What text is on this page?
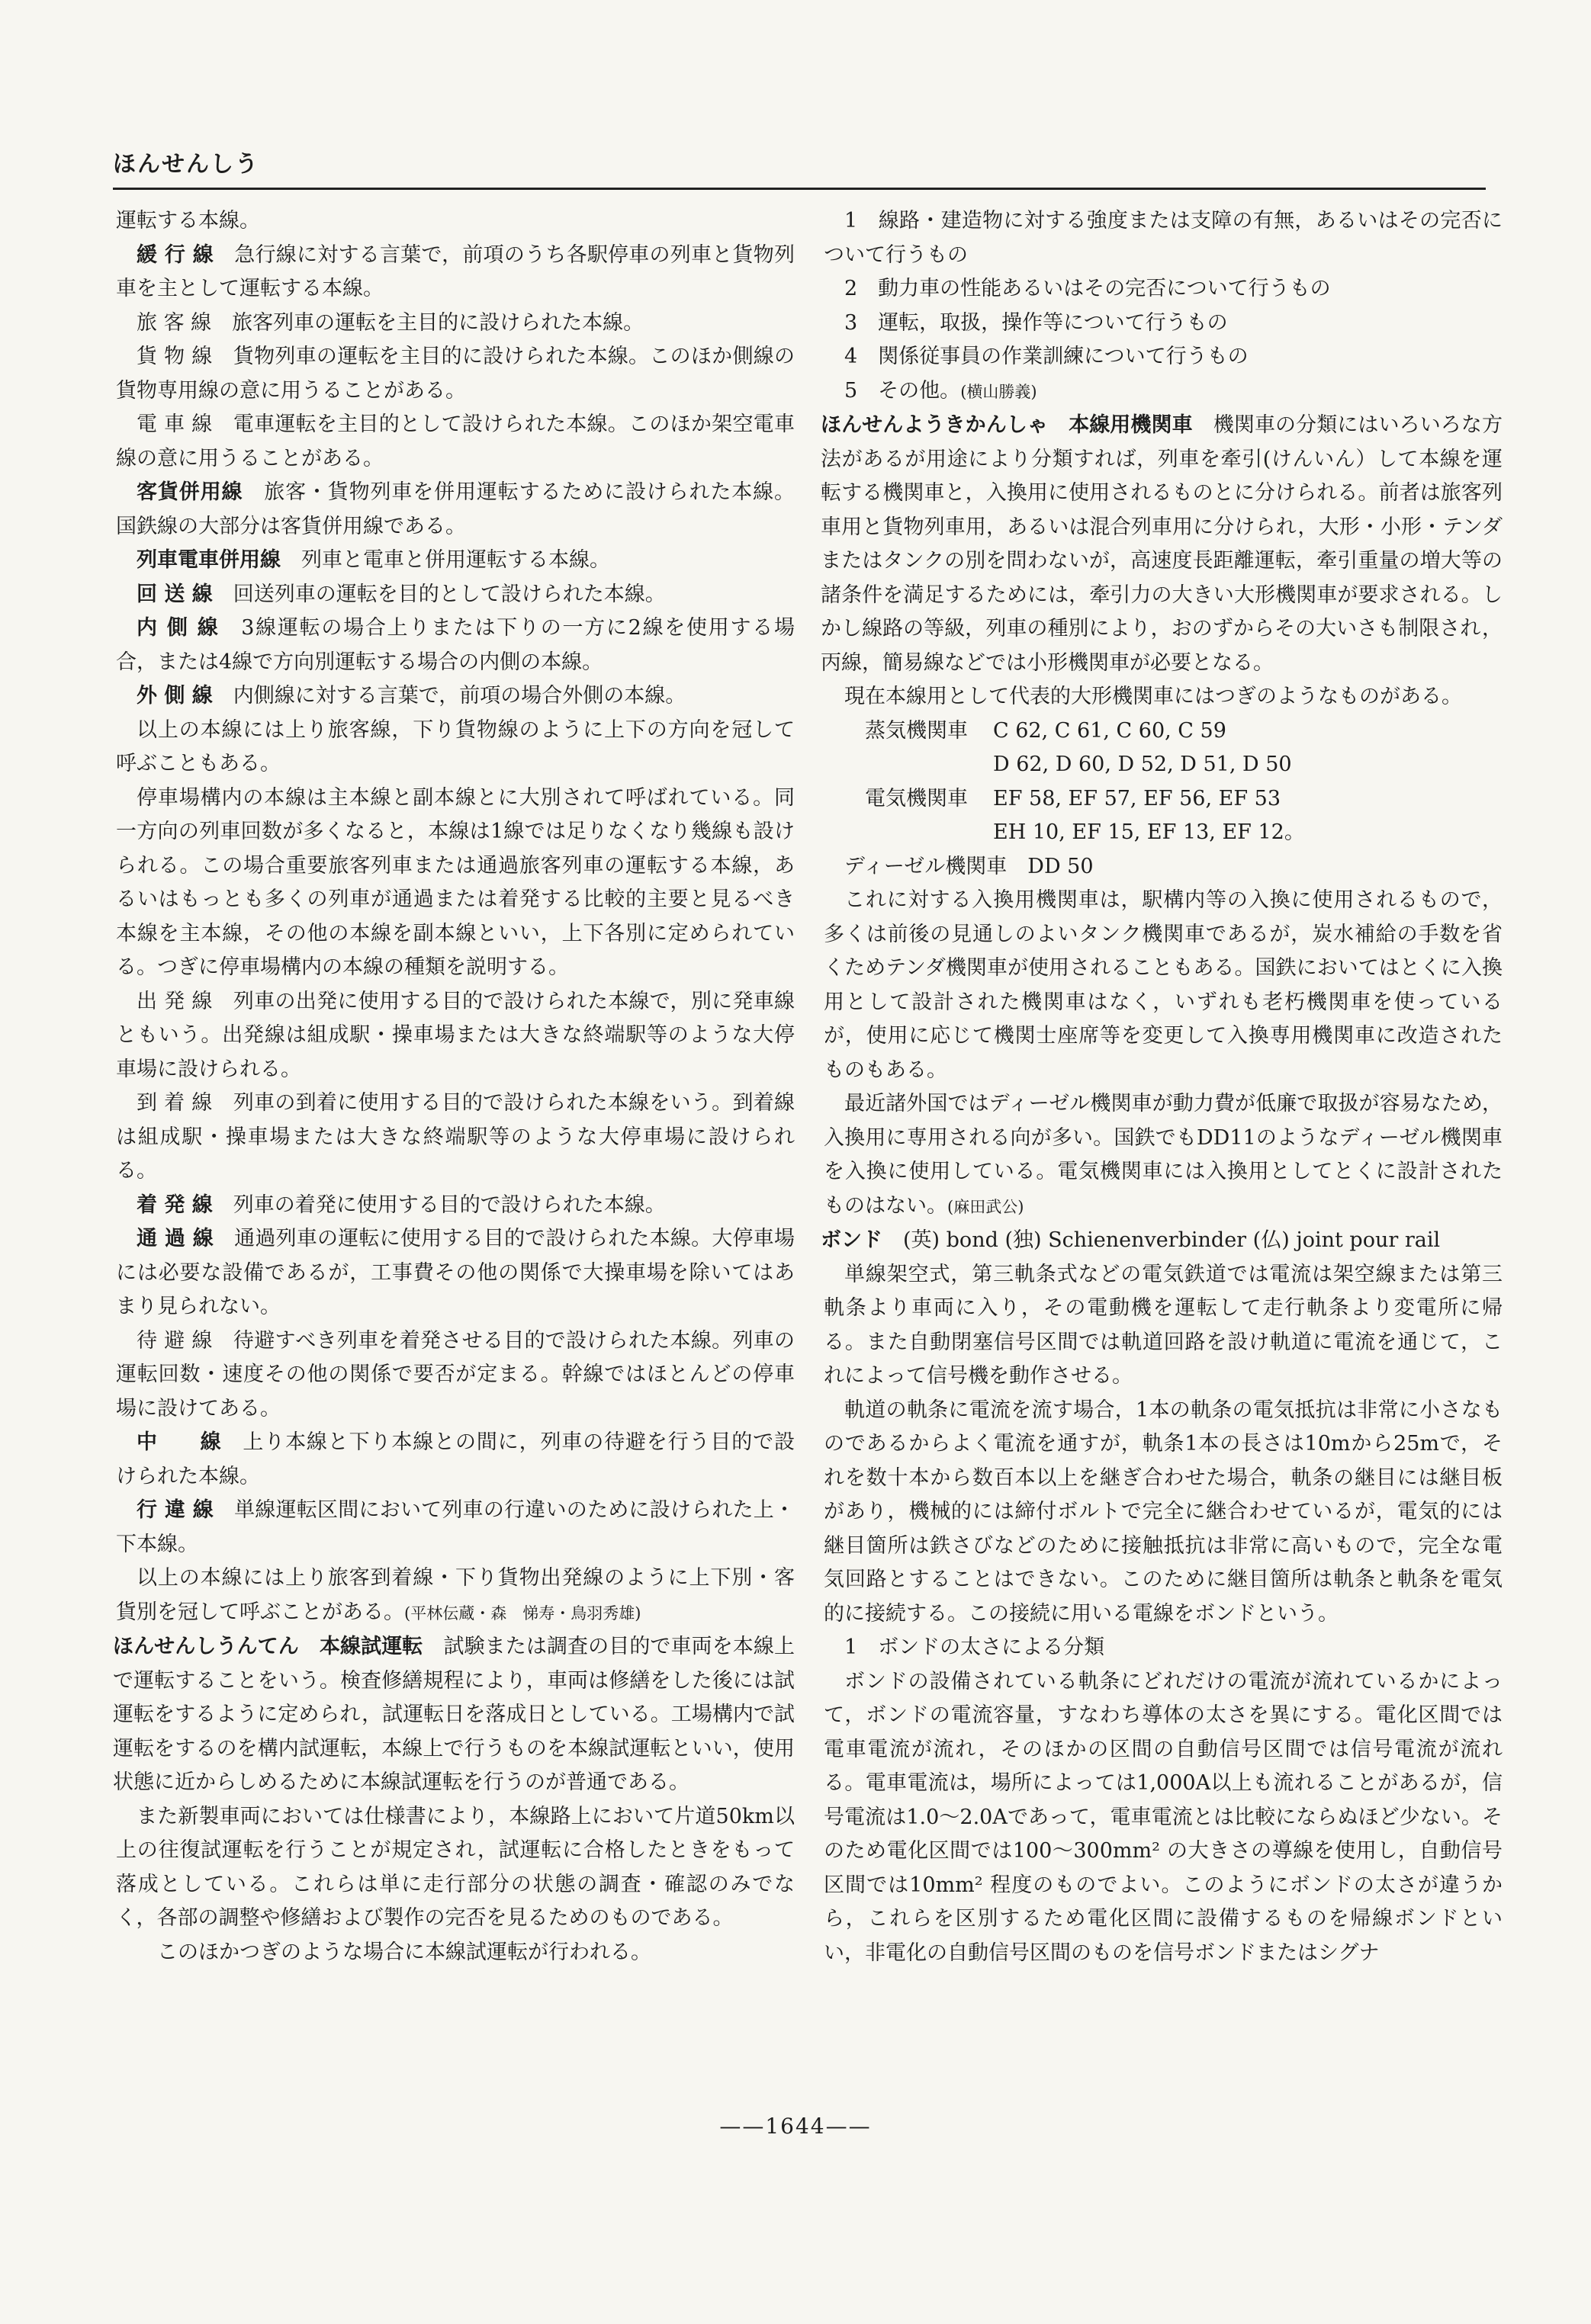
ほんせんしう

運転する本線。

緩 行 線　急行線に対する言葉で，前項のうち各駅停車の列車と貨物列車を主として運転する本線。

旅 客 線　旅客列車の運転を主目的に設けられた本線。

貨 物 線　貨物列車の運転を主目的に設けられた本線。このほか側線の貨物専用線の意に用うることがある。

電 車 線　電車運転を主目的として設けられた本線。このほか架空電車線の意に用うることがある。

客貨併用線　旅客・貨物列車を併用運転するために設けられた本線。国鉄線の大部分は客貨併用線である。

列車電車併用線　列車と電車と併用運転する本線。

回 送 線　回送列車の運転を目的として設けられた本線。

内 側 線　3線運転の場合上りまたは下りの一方に2線を使用する場合，または4線で方向別運転する場合の内側の本線。

外 側 線　内側線に対する言葉で，前項の場合外側の本線。

以上の本線には上り旅客線，下り貨物線のように上下の方向を冠して呼ぶこともある。

停車場構内の本線は主本線と副本線とに大別されて呼ばれている。同一方向の列車回数が多くなると，本線は1線では足りなくなり幾線も設けられる。この場合重要旅客列車または通過旅客列車の運転する本線，あるいはもっとも多くの列車が通過または着発する比較的主要と見るべき本線を主本線，その他の本線を副本線といい，上下各別に定められている。つぎに停車場構内の本線の種類を説明する。

出 発 線　列車の出発に使用する目的で設けられた本線で，別に発車線ともいう。出発線は組成駅・操車場または大きな終端駅等のような大停車場に設けられる。

到 着 線　列車の到着に使用する目的で設けられた本線をいう。到着線は組成駅・操車場または大きな終端駅等のような大停車場に設けられる。

着 発 線　列車の着発に使用する目的で設けられた本線。

通 過 線　通過列車の運転に使用する目的で設けられた本線。大停車場には必要な設備であるが，工事費その他の関係で大操車場を除いてはあまり見られない。

待 避 線　待避すべき列車を着発させる目的で設けられた本線。列車の運転回数・速度その他の関係で要否が定まる。幹線ではほとんどの停車場に設けてある。

中　　線　上り本線と下り本線との間に，列車の待避を行う目的で設けられた本線。

行 違 線　単線運転区間において列車の行違いのために設けられた上・下本線。

以上の本線には上り旅客到着線・下り貨物出発線のように上下別・客貨別を冠して呼ぶことがある。(平林伝蔵・森　悌寿・鳥羽秀雄)

ほんせんしうんてん　本線試運転　試験または調査の目的で車両を本線上で運転することをいう。検査修繕規程により，車両は修繕をした後には試運転をするように定められ，試運転日を落成日としている。工場構内で試運転をするのを構内試運転，本線上で行うものを本線試運転といい，使用状態に近からしめるために本線試運転を行うのが普通である。

また新製車両においては仕様書により，本線路上において片道50km以上の往復試運転を行うことが規定され，試運転に合格したときをもって落成としている。これらは単に走行部分の状態の調査・確認のみでなく，各部の調整や修繕および製作の完否を見るためのものである。

　このほかつぎのような場合に本線試運転が行われる。

1　線路・建造物に対する強度または支障の有無，あるいはその完否について行うもの

2　動力車の性能あるいはその完否について行うもの

3　運転，取扱，操作等について行うもの

4　関係従事員の作業訓練について行うもの

5　その他。(横山勝義)

ほんせんようきかんしゃ　本線用機関車　機関車の分類にはいろいろな方法があるが用途により分類すれば，列車を牽引(けんいん）して本線を運転する機関車と，入換用に使用されるものとに分けられる。前者は旅客列車用と貨物列車用，あるいは混合列車用に分けられ，大形・小形・テンダまたはタンクの別を問わないが，高速度長距離運転，牽引重量の増大等の諸条件を満足するためには，牽引力の大きい大形機関車が要求される。しかし線路の等級，列車の種別により，おのずからその大いさも制限され，丙線，簡易線などでは小形機関車が必要となる。

現在本線用として代表的大形機関車にはつぎのようなものがある。

蒸気機関車	C 62, C 61, C 60, C 59
D 62, D 60, D 52, D 51, D 50
電気機関車	EF 58, EF 57, EF 56, EF 53
EH 10, EF 15, EF 13, EF 12。

ディーゼル機関車　DD 50

これに対する入換用機関車は，駅構内等の入換に使用されるもので，多くは前後の見通しのよいタンク機関車であるが，炭水補給の手数を省くためテンダ機関車が使用されることもある。国鉄においてはとくに入換用として設計された機関車はなく，いずれも老朽機関車を使っているが，使用に応じて機関士座席等を変更して入換専用機関車に改造されたものもある。

最近諸外国ではディーゼル機関車が動力費が低廉で取扱が容易なため，入換用に専用される向が多い。国鉄でもDD11のようなディーゼル機関車を入換に使用している。電気機関車には入換用としてとくに設計されたものはない。(麻田武公)

ボンド　(英) bond (独) Schienenverbinder (仏) joint pour rail

単線架空式，第三軌条式などの電気鉄道では電流は架空線または第三軌条より車両に入り，その電動機を運転して走行軌条より変電所に帰る。また自動閉塞信号区間では軌道回路を設け軌道に電流を通じて，これによって信号機を動作させる。

軌道の軌条に電流を流す場合，1本の軌条の電気抵抗は非常に小さなものであるからよく電流を通すが，軌条1本の長さは10mから25mで，それを数十本から数百本以上を継ぎ合わせた場合，軌条の継目には継目板があり，機械的には締付ボルトで完全に継合わせているが，電気的には継目箇所は鉄さびなどのために接触抵抗は非常に高いもので，完全な電気回路とすることはできない。このために継目箇所は軌条と軌条を電気的に接続する。この接続に用いる電線をボンドという。

1　ボンドの太さによる分類

ボンドの設備されている軌条にどれだけの電流が流れているかによって，ボンドの電流容量，すなわち導体の太さを異にする。電化区間では電車電流が流れ，そのほかの区間の自動信号区間では信号電流が流れる。電車電流は，場所によっては1,000A以上も流れることがあるが，信号電流は1.0〜2.0Aであって，電車電流とは比較にならぬほど少ない。そのため電化区間では100〜300mm² の大きさの導線を使用し，自動信号区間では10mm² 程度のものでよい。このようにボンドの太さが違うから，これらを区別するため電化区間に設備するものを帰線ボンドといい，非電化の自動信号区間のものを信号ボンドまたはシグナ

——1644——
